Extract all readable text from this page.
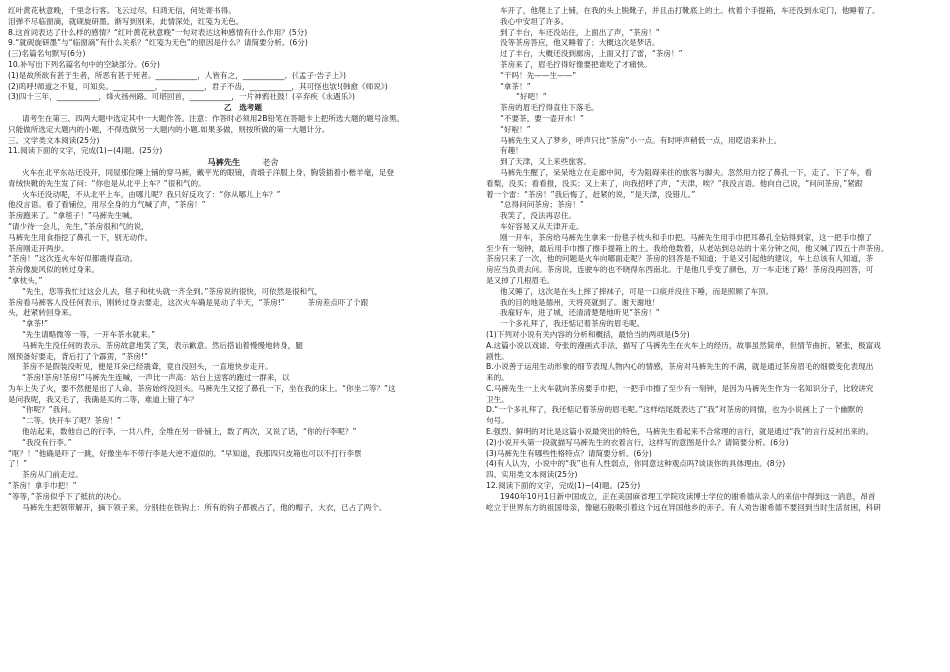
红叶黄花秋意晚，千里念行客。飞云过尽，归鸿无信，何处寄书得。
泪弹不尽临窗滴，就砚旋研墨。渐写到别来，此情深处，红笺为无色。
8.这首词表达了什么样的感情？“红叶黄花秋意晚”一句对表达这种感情有什么作用？(5分)
9.“就砚旋研墨”与“临窗滴”有什么关系？“红笺为无色”的原因是什么？请简要分析。(6分)
(三)名篇名句默写(6分)
10.补写出下列名篇名句中的空缺部分。(6分)
(1)是故所欲有甚于生者，所恶有甚于死者。___________，人皆有之，___________。(《孟子·告子上》)
(2)呜呼!师道之不复，可知矣。___________，___________，君子不齿，___________，其可怪也欤!(韩愈《师说》)
(3)四十三年，___________，烽火扬州路。可堪回首，___________，一片神鸦社鼓！(辛弃疾《永遇乐》)
乙　选考题
请考生在第三、四两大题中选定其中一大题作答。注意：作答时必须用2B铅笔在答题卡上把所选大题的题号涂黑。
只能做所选定大题内的小题，不得选做另一大题内的小题.如果多做，则按所做的第一大题计分。
三、文学类文本阅读(25分)
11.阅读下面的文字，完成(1)~(4)题。(25分)
马裤先生	老舍
火车在北平东站还没开，同屋那位睡上铺的穿马裤，戴平光的眼镜，青缎子洋服上身，胸袋插着小楷羊毫，足登
青绒快靴的先生发了问：“你也是从北平上车？”很和气的。
火车还没动呢，不从北平上车，由哪儿呢？我只好反攻了：“你从哪儿上车？”
他没言语。看了看铺位，用尽全身的力气喊了声，“茶房！”
茶房跑来了。“拿毯子！”马裤先生喊。
“请少待一会儿，先生，”茶房很和气的说，
马裤先生用食指挖了鼻孔一下，别无动作。
茶房刚走开两步。
“茶房！”这次连火车好似都震得直动。
茶房像旋风似的转过身来。
“拿枕头，”
“先生，您等我忙过这会儿去，毯子和枕头就一齐全到。”茶房说的很快，可依然是很和气，
茶房看马裤客人没任何表示，刚转过身去要走，这次火车确是晃动了半天，“茶房!”　　　茶房差点吓了个跟
头，赶紧转回身来。
“拿茶!”
“先生请略微等一等，一开车茶水就来。”
马裤先生没任何的表示。茶房故意地笑了笑，表示歉意。然后搭讪着慢慢地转身，腿
刚预备好要走，背后打了个霹雳，“茶房!”
茶房不是假装没听见，便是耳朵已经震聋，竟自没回头，一直地快步走开。
“茶房!茶房!茶房!”马裤先生连喊，一声比一声高：站台上送客的跑过一群来，以
为车上失了火，要不然便是出了人命。茶房始终没回头。马裤先生又挖了鼻孔一下，坐在我的床上。“你坐二等？”这
是问我呢，我又毛了，我确是买的二等，难道上错了车？
“你呢？”我问。
“二等。快开车了吧？茶房！”
他站起来，数他自己的行李，一共八件，全堆在另一卧铺上，数了两次，又说了话，“你的行李呢？”
“我没有行李。”
“呕？！”他确是吓了一跳，好像坐车不带行李是大逆不道似的。“早知道，我那四只皮箱也可以不打行李票
了！”
茶房从门前走过。
“茶房！拿手巾把！”
“等等，”茶房似乎下了抵抗的决心。
马裤先生把领带解开，摘下领子来，分别挂在铁钩上：所有的钩子都被占了，他的帽子，大衣，已占了两个。
车开了，他爬上了上铺，在我的头上脱靴子，并且击打靴底上的土。枕着个手提箱，车还没到永定门，他睡着了。
我心中安坦了许多。
到了丰台，车还没站住，上面出了声，“茶房！”
没等茶房答应，他又睡着了；大概这次是梦话。
过了丰台，大概还没到廊房，上面又打了雷，“茶房！”
茶房来了，眉毛拧得好像要把谁吃了才痛快。
“干吗！先——生——”
“拿茶！”
“好吧！”
茶房的眉毛拧得直往下落毛。
“不要茶，要一壶开水！”
“好啦！”
马裤先生又入了梦乡，呼声只比“茶房”小一点。有时呼声稍低一点，用呓语来补上。
有趣！
到了天津，又上来些旅客。
马裤先生醒了，呆呆地立在走廊中间，专为阻碍来往的旅客与脚夫。忽然用力挖了鼻孔一下，走了。下了车，看
看梨，没买；看看报，没买；又上来了，向我招呼了声，“天津，唉？”我没言语。他向自己说，“问问茶房，”紧跟
着一个雷：“茶房！”我后悔了，赶紧的说，“是天津，没错儿。”
“总得问问茶房；茶房！”
我笑了，没法再忍住。
车好容易又从天津开走。
刚一开车，茶房给马裤先生拿来一份毯子枕头和手巾把。马裤先生用手巾把耳鼻孔全钻得到家，这一把手巾擦了
至少有一刻钟，最后用手巾擦了擦手提箱上的土。我给他数着，从老站到总站的十来分钟之间，他又喊了四五十声茶房。
茶房只来了一次，他的问题是火车向哪面走呢？茶房的回答是不知道；于是又引起他的建议，车上总该有人知道，茶
房应当负责去问。茶房说，连驶车的也不晓得东西南北。于是他几乎变了颜色，万一车走迷了路！茶房没再回答，可
是又掉了几根眉毛。
他又睡了，这次是在头上摔了摔袜子，可是一口痰并没往下唾，而是照顾了车顶。
我的目的地是德州，天将亮就到了。谢天谢地！
我雇好车，进了城，还清清楚楚地听见“茶房！”
一个多礼拜了，我还惦记着茶房的眉毛呢。
(1)下列对小说有关内容的分析和概括，最恰当的两项是(5分)
A.这篇小说以戏谑、夸张的漫画式手法，描写了马裤先生在火车上的经历，故事虽然简单，但情节曲折、紧张，极富戏
剧性。
B.小说善于运用生动形象的细节表现人物内心的情感，茶房对马裤先生的不满，就是通过茶房眉毛的细微变化表现出
来的。
C.马裤先生一上火车就向茶房要手巾把，一把手巾擦了至少有一刻钟，是因为马裤先生作为一名知识分子，比较讲究
卫生。
D.“一个多礼拜了，我还惦记着茶房的眉毛呢。”这样结尾既表达了“我”对茶房的同情，也为小说画上了一个幽默的
句号。
E.强烈、鲜明的对比是这篇小说最突出的特色，马裤先生看起来不合常理的言行，就是通过“我”的言行反衬出来的。
(2)小说开头第一段就描写马裤先生的衣着言行，这样写的意图是什么？请简要分析。(6分)
(3)马裤先生有哪些性格特点？请简要分析。(6分)
(4)有人认为，小说中的“我”也有人性弱点，你同意这种观点吗?谈谈你的具体理由。(8分)
四、实用类文本阅读(25分)
12.阅读下面的文字，完成(1)~(4)题。(25分)
1940年10月1日新中国成立，正在美国麻省理工学院攻读博士学位的谢希德从亲人的来信中得到这一消息，昂首
屹立于世界东方的祖国母亲，像磁石般吸引着这个远在异国他乡的赤子。有人劝告谢希德不要回到当时生活贫困，科研
